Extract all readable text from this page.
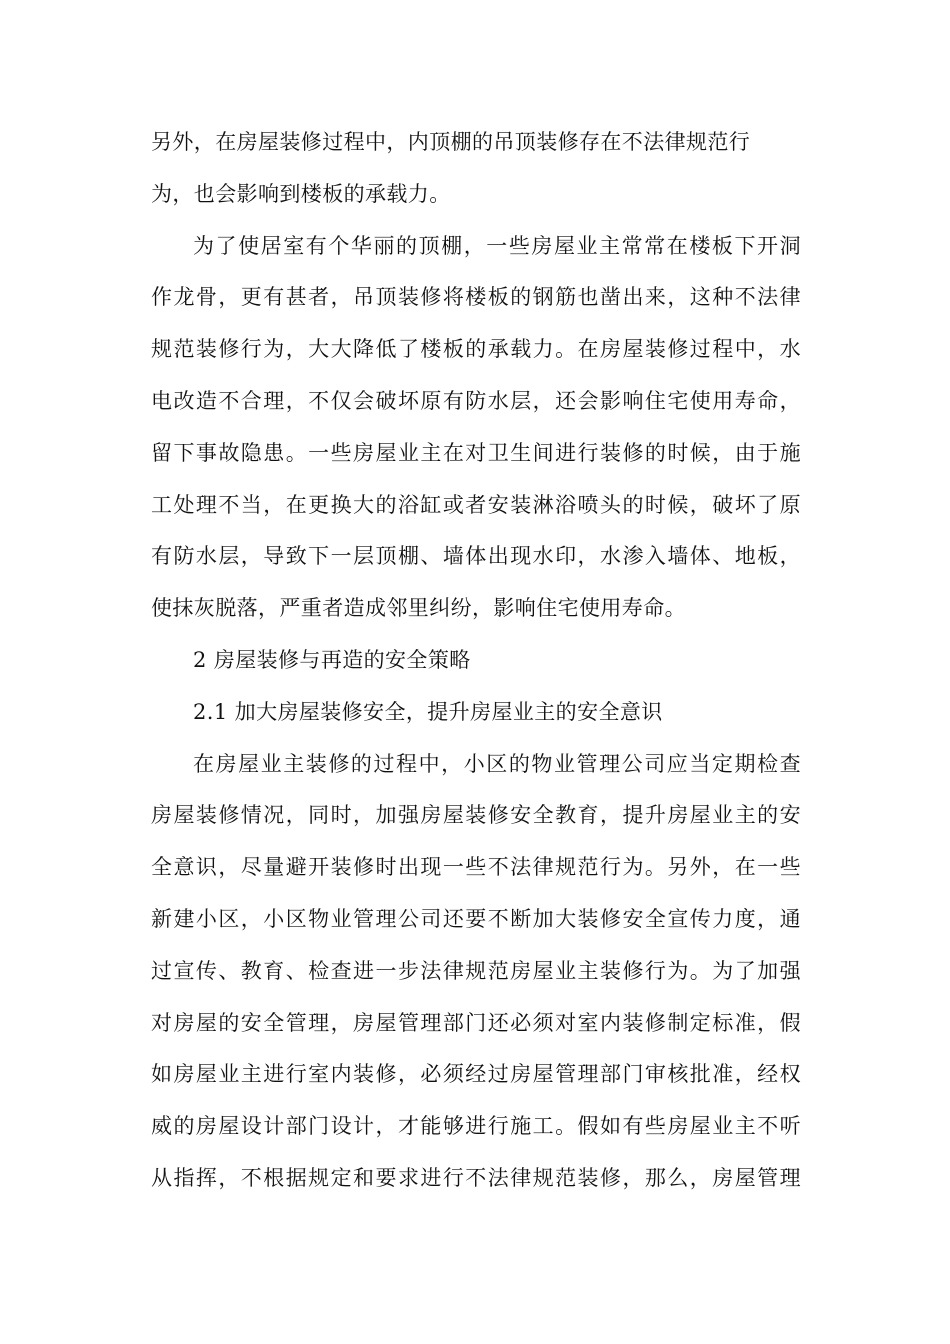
另外，在房屋装修过程中，内顶棚的吊顶装修存在不法律规范行
为，也会影响到楼板的承载力。
为了使居室有个华丽的顶棚，一些房屋业主常常在楼板下开洞
作龙骨，更有甚者，吊顶装修将楼板的钢筋也凿出来，这种不法律
规范装修行为，大大降低了楼板的承载力。在房屋装修过程中，水
电改造不合理，不仅会破坏原有防水层，还会影响住宅使用寿命，
留下事故隐患。一些房屋业主在对卫生间进行装修的时候，由于施
工处理不当，在更换大的浴缸或者安装淋浴喷头的时候，破坏了原
有防水层，导致下一层顶棚、墙体出现水印，水渗入墙体、地板，
使抹灰脱落，严重者造成邻里纠纷，影响住宅使用寿命。
2 房屋装修与再造的安全策略
2.1 加大房屋装修安全，提升房屋业主的安全意识
在房屋业主装修的过程中，小区的物业管理公司应当定期检查
房屋装修情况，同时，加强房屋装修安全教育，提升房屋业主的安
全意识，尽量避开装修时出现一些不法律规范行为。另外，在一些
新建小区，小区物业管理公司还要不断加大装修安全宣传力度，通
过宣传、教育、检查进一步法律规范房屋业主装修行为。为了加强
对房屋的安全管理，房屋管理部门还必须对室内装修制定标准，假
如房屋业主进行室内装修，必须经过房屋管理部门审核批准，经权
威的房屋设计部门设计，才能够进行施工。假如有些房屋业主不听
从指挥，不根据规定和要求进行不法律规范装修，那么，房屋管理
